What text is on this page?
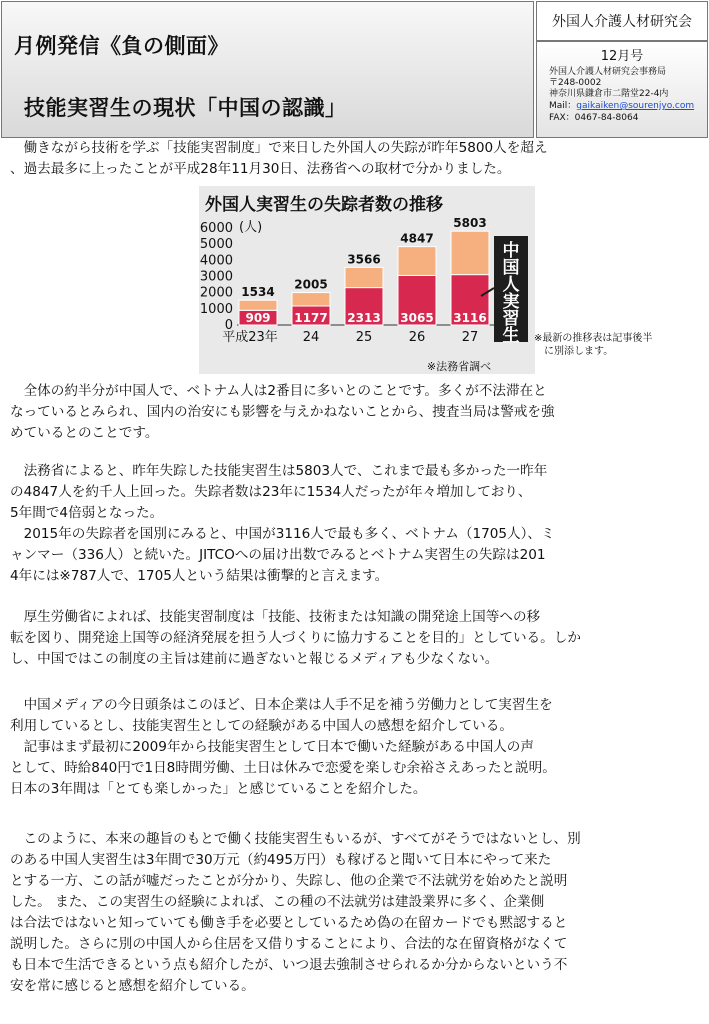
月例発信《負の側面》
技能実習生の現状「中国の認識」
外国人介護人材研究会
12月号
外国人介護人材研究会事務局
〒248-0002
神奈川県鎌倉市二階堂22-4内
Mail：gaikaiken@sourenjyo.com
FAX：0467-84-8064
　働きながら技術を学ぶ「技能実習制度」で来日した外国人の失踪が昨年5800人を超え
、過去最多に上ったことが平成28年11月30日、法務省への取材で分かりました。
外国人実習生の失踪者数の推移
(人)
0
1000
2000
3000
4000
5000
6000
909
1534
1177
2005
2313
3566
3065
4847
3116
5803
平成23年 24	25	26	27
中国人実習生
※法務省調べ
※最新の推移表は記事後半
　に別添します。
　全体の約半分が中国人で、ベトナム人は2番目に多いとのことです。多くが不法滞在と
なっているとみられ、国内の治安にも影響を与えかねないことから、捜査当局は警戒を強
めているとのことです。
　法務省によると、昨年失踪した技能実習生は5803人で、これまで最も多かった一昨年
の4847人を約千人上回った。失踪者数は23年に1534人だったが年々増加しており、
5年間で4倍弱となった。
　2015年の失踪者を国別にみると、中国が3116人で最も多く、ベトナム（1705人）、ミ
ャンマー（336人）と続いた。JITCOへの届け出数でみるとベトナム実習生の失踪は201
4年には※787人で、1705人という結果は衝撃的と言えます。
　厚生労働省によれば、技能実習制度は「技能、技術または知識の開発途上国等への移
転を図り、開発途上国等の経済発展を担う人づくりに協力することを目的」としている。しか
し、中国ではこの制度の主旨は建前に過ぎないと報じるメディアも少なくない。
　中国メディアの今日頭条はこのほど、日本企業は人手不足を補う労働力として実習生を
利用しているとし、技能実習生としての経験がある中国人の感想を紹介している。
　記事はまず最初に2009年から技能実習生として日本で働いた経験がある中国人の声
として、時給840円で1日8時間労働、土日は休みで恋愛を楽しむ余裕さえあったと説明。
日本の3年間は「とても楽しかった」と感じていることを紹介した。
　このように、本来の趣旨のもとで働く技能実習生もいるが、すべてがそうではないとし、別
のある中国人実習生は3年間で30万元（約495万円）も稼げると聞いて日本にやって来た
とする一方、この話が嘘だったことが分かり、失踪し、他の企業で不法就労を始めたと説明
した。 また、この実習生の経験によれば、この種の不法就労は建設業界に多く、企業側
は合法ではないと知っていても働き手を必要としているため偽の在留カードでも黙認すると
説明した。さらに別の中国人から住居を又借りすることにより、合法的な在留資格がなくて
も日本で生活できるという点も紹介したが、いつ退去強制させられるか分からないという不
安を常に感じると感想を紹介している。
